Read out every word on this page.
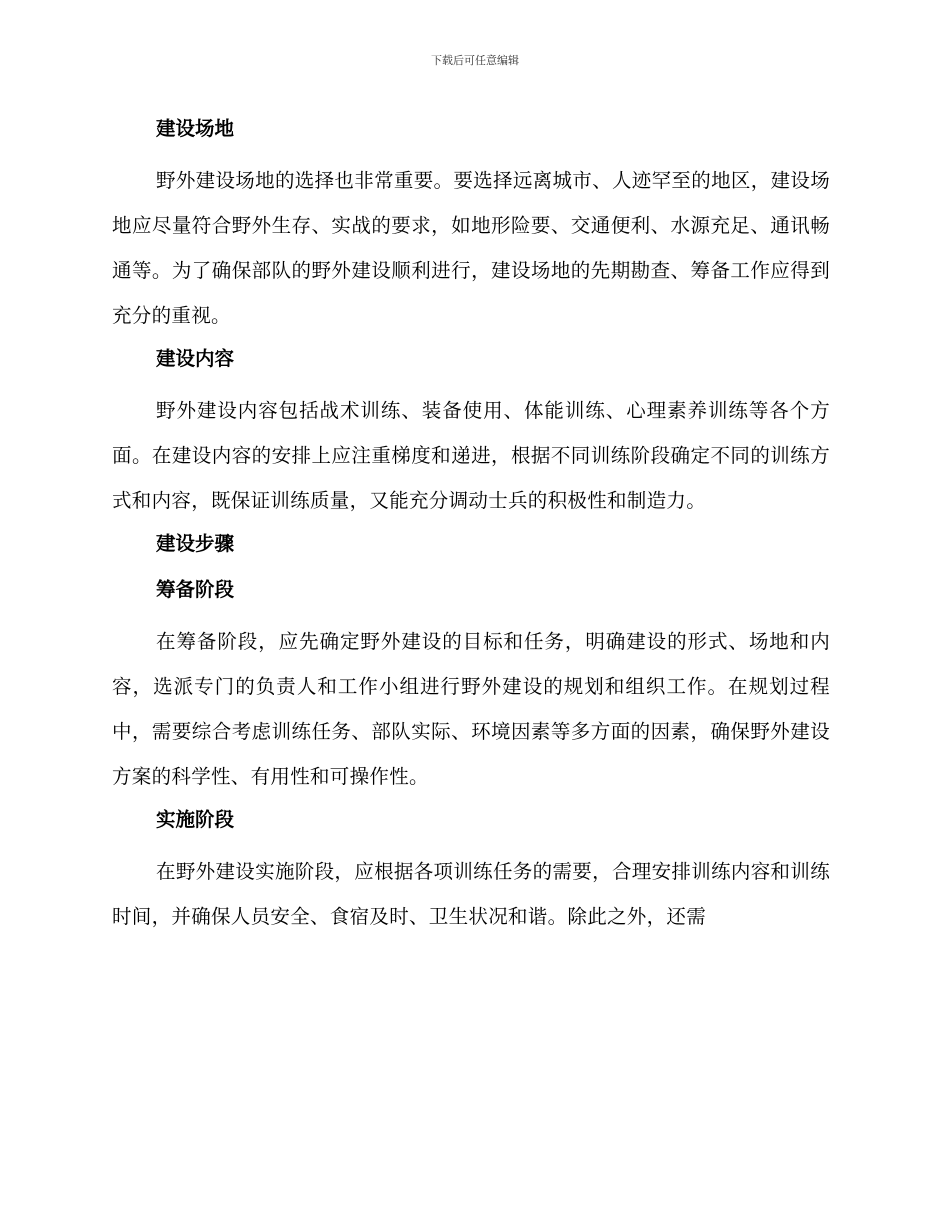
下载后可任意编辑
建设场地

野外建设场地的选择也非常重要。要选择远离城市、人迹罕至的地区，建设场地应尽量符合野外生存、实战的要求，如地形险要、交通便利、水源充足、通讯畅通等。为了确保部队的野外建设顺利进行，建设场地的先期勘查、筹备工作应得到充分的重视。

建设内容

野外建设内容包括战术训练、装备使用、体能训练、心理素养训练等各个方面。在建设内容的安排上应注重梯度和递进，根据不同训练阶段确定不同的训练方式和内容，既保证训练质量，又能充分调动士兵的积极性和制造力。

建设步骤
筹备阶段

在筹备阶段，应先确定野外建设的目标和任务，明确建设的形式、场地和内容，选派专门的负责人和工作小组进行野外建设的规划和组织工作。在规划过程中，需要综合考虑训练任务、部队实际、环境因素等多方面的因素，确保野外建设方案的科学性、有用性和可操作性。

实施阶段

在野外建设实施阶段，应根据各项训练任务的需要，合理安排训练内容和训练时间，并确保人员安全、食宿及时、卫生状况和谐。除此之外，还需
